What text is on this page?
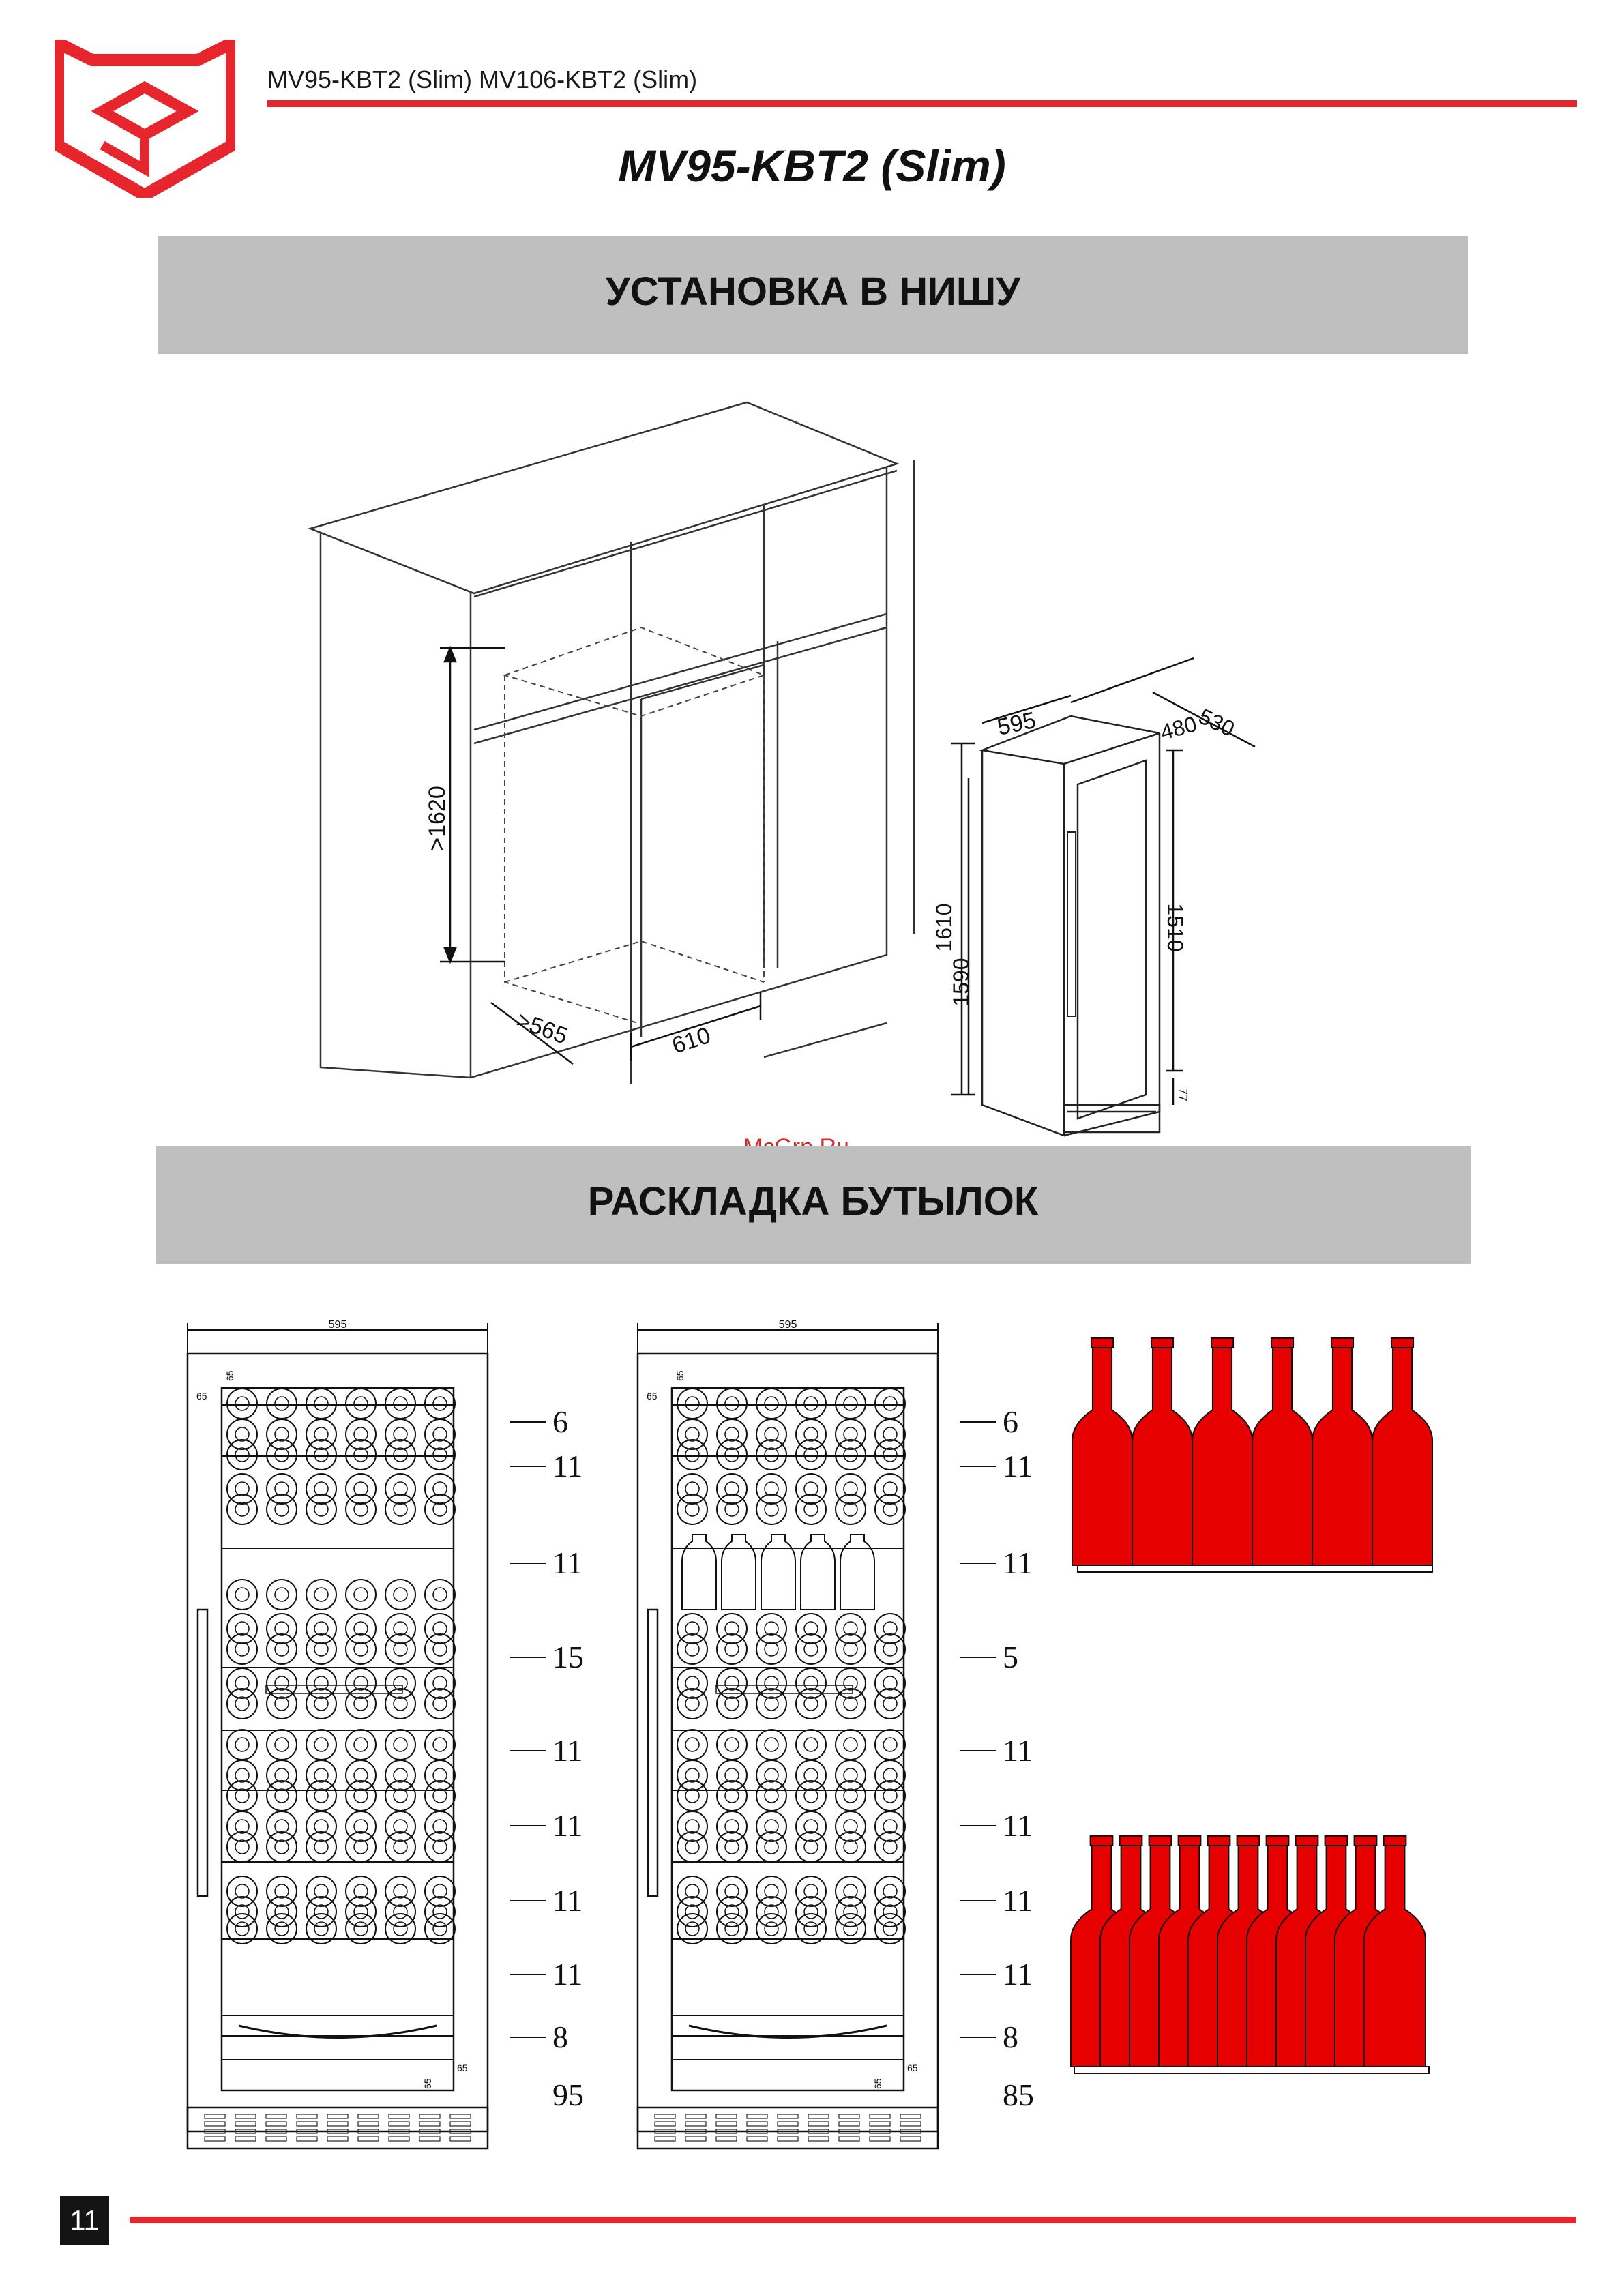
MV95-KBT2 (Slim) MV106-KBT2 (Slim)
MV95-KBT2 (Slim)
УСТАНОВКА В НИШУ
>1620
>565	610
595	530
480
1610
1590
1510
77
РАСКЛАДКА БУТЫЛОК
595
65
65
65
65
6
11
11
15
11
11
11
11
8
95
595
65
65
65
65
6
11
11
5
11
11
11
11
8
85
11
